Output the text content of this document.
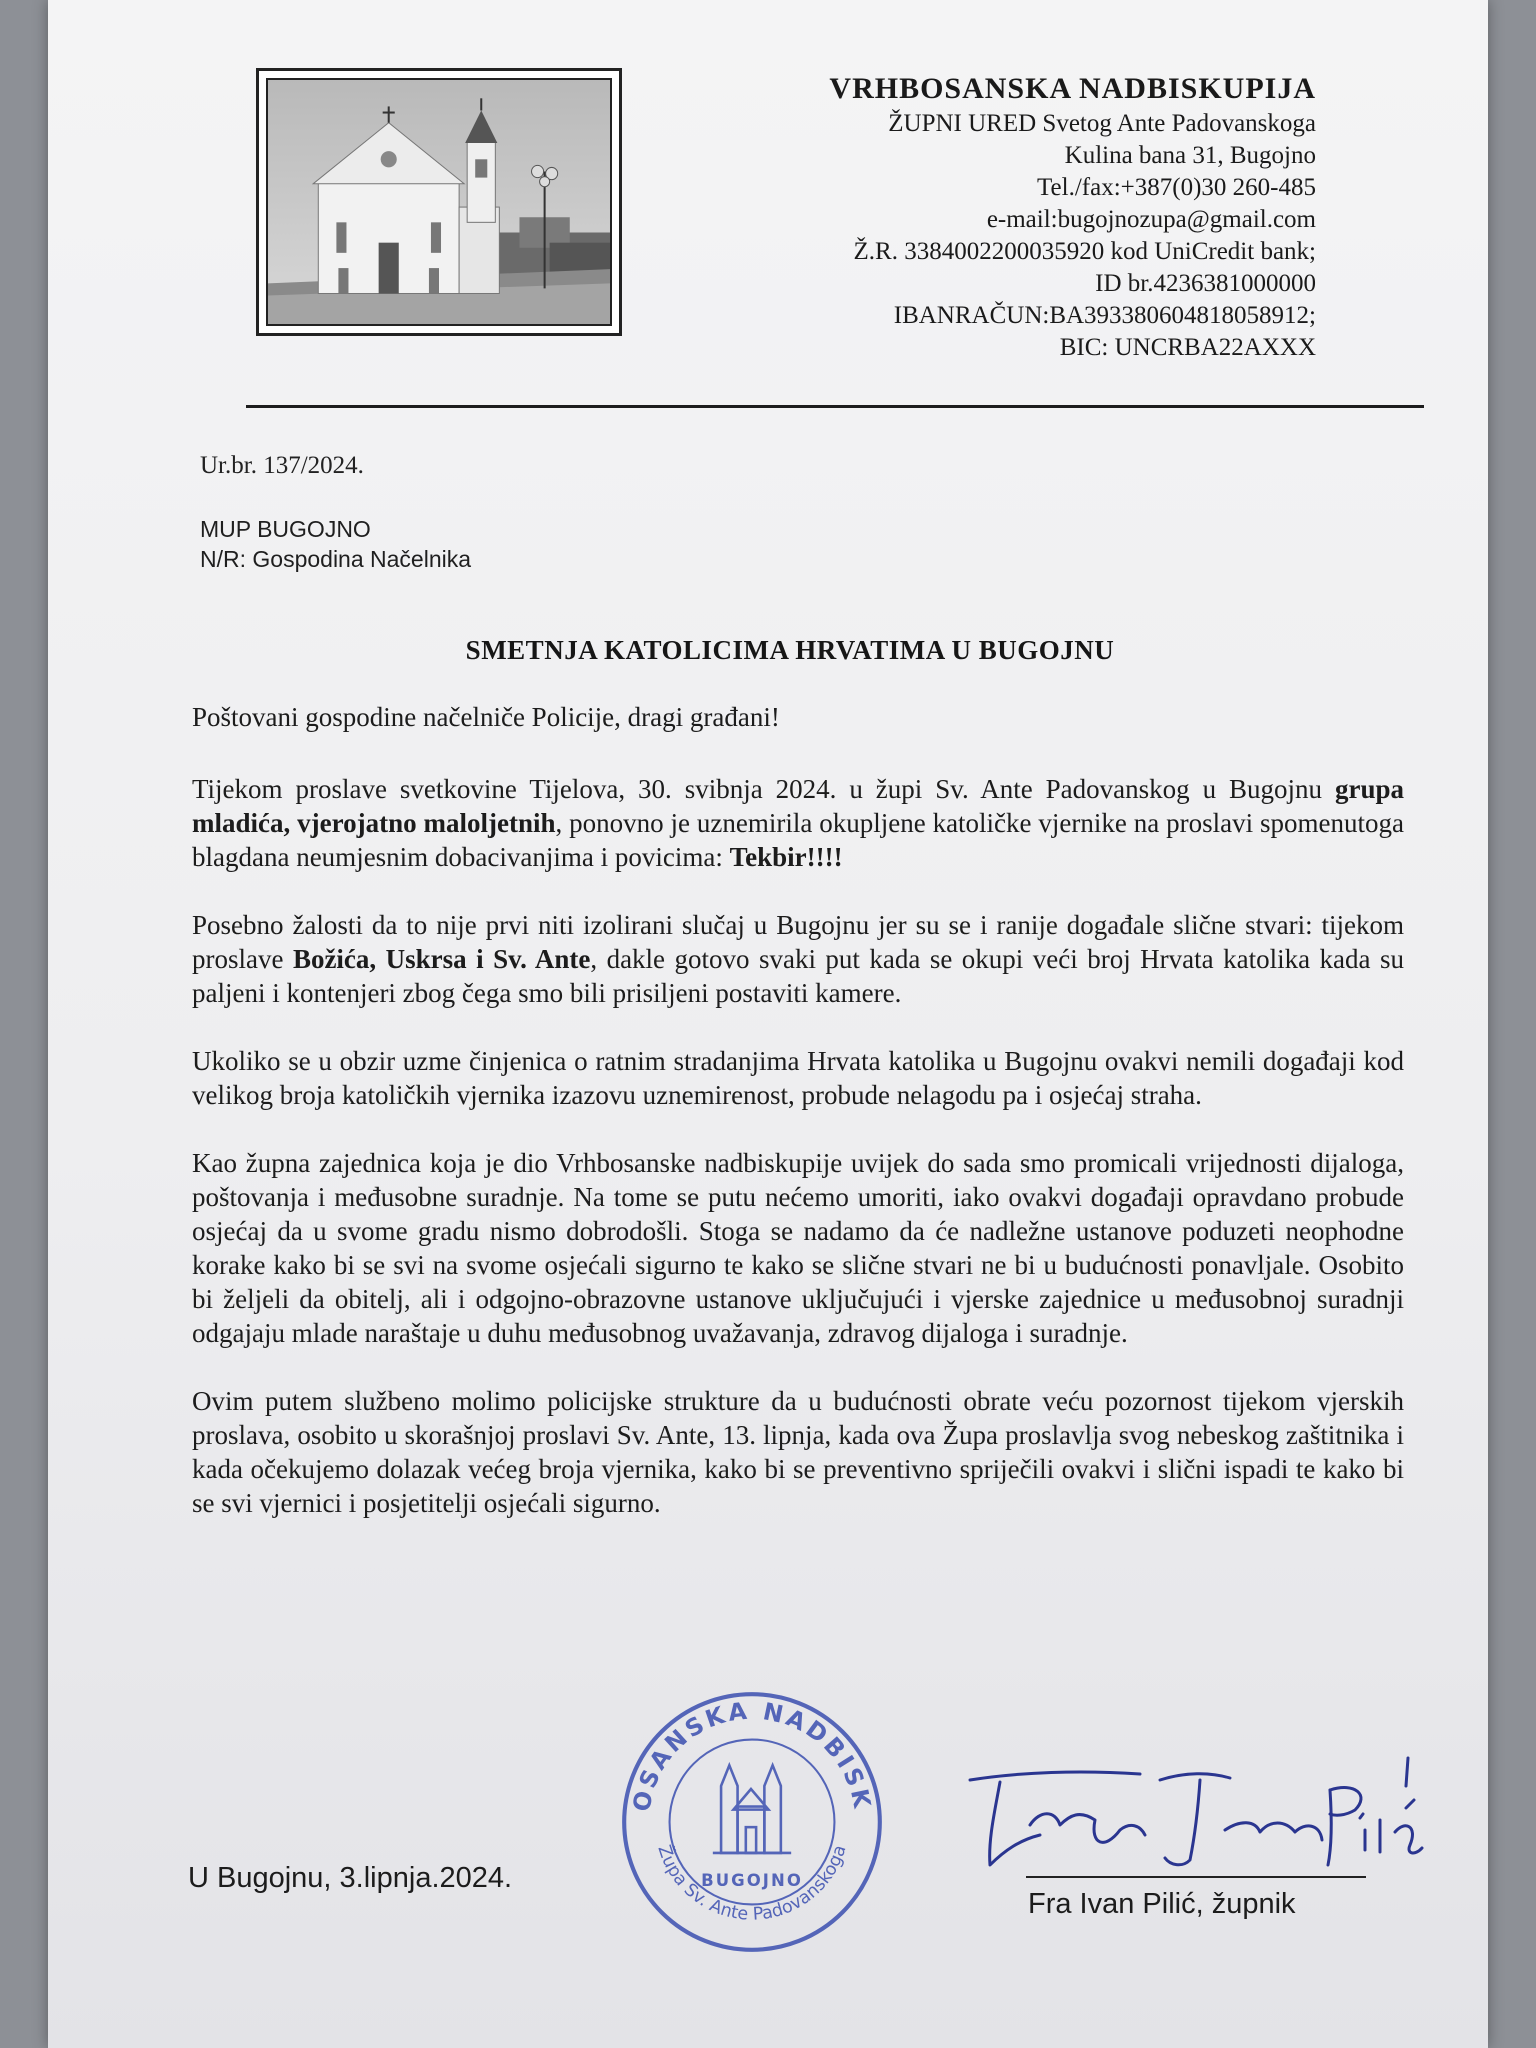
VRHBOSANSKA NADBISKUPIJA
ŽUPNI URED Svetog Ante Padovanskoga
Kulina bana 31, Bugojno
Tel./fax:+387(0)30 260-485
e-mail:bugojnozupa@gmail.com
Ž.R. 3384002200035920 kod UniCredit bank;
ID br.4236381000000
IBANRAČUN:BA393380604818058912;
BIC: UNCRBA22AXXX
Ur.br. 137/2024.
MUP BUGOJNO
N/R: Gospodina Načelnika
SMETNJA KATOLICIMA HRVATIMA U BUGOJNU

Poštovani gospodine načelniče Policije, dragi građani!

Tijekom proslave svetkovine Tijelova, 30. svibnja 2024. u župi Sv. Ante Padovanskog u Bugojnu grupa mladića, vjerojatno maloljetnih, ponovno je uznemirila okupljene katoličke vjernike na proslavi spomenutoga blagdana neumjesnim dobacivanjima i povicima: Tekbir!!!!

Posebno žalosti da to nije prvi niti izolirani slučaj u Bugojnu jer su se i ranije događale slične stvari: tijekom proslave Božića, Uskrsa i Sv. Ante, dakle gotovo svaki put kada se okupi veći broj Hrvata katolika kada su paljeni i kontenjeri zbog čega smo bili prisiljeni postaviti kamere.

Ukoliko se u obzir uzme činjenica o ratnim stradanjima Hrvata katolika u Bugojnu ovakvi nemili događaji kod velikog broja katoličkih vjernika izazovu uznemirenost, probude nelagodu pa i osjećaj straha.

Kao župna zajednica koja je dio Vrhbosanske nadbiskupije uvijek do sada smo promicali vrijednosti dijaloga, poštovanja i međusobne suradnje. Na tome se putu nećemo umoriti, iako ovakvi događaji opravdano probude osjećaj da u svome gradu nismo dobrodošli. Stoga se nadamo da će nadležne ustanove poduzeti neophodne korake kako bi se svi na svome osjećali sigurno te kako se slične stvari ne bi u budućnosti ponavljale. Osobito bi željeli da obitelj, ali i odgojno-obrazovne ustanove uključujući i vjerske zajednice u međusobnoj suradnji odgajaju mlade naraštaje u duhu međusobnog uvažavanja, zdravog dijaloga i suradnje.

Ovim putem službeno molimo policijske strukture da u budućnosti obrate veću pozornost tijekom vjerskih proslava, osobito u skorašnjoj proslavi Sv. Ante, 13. lipnja, kada ova Župa proslavlja svog nebeskog zaštitnika i kada očekujemo dolazak većeg broja vjernika, kako bi se preventivno spriječili ovakvi i slični ispadi te kako bi se svi vjernici i posjetitelji osjećali sigurno.

U Bugojnu, 3.lipnja.2024.
OSANSKA NADBISK
Župa Sv. Ante Padovanskoga
BUGOJNO
Fra Ivan Pilić, župnik
